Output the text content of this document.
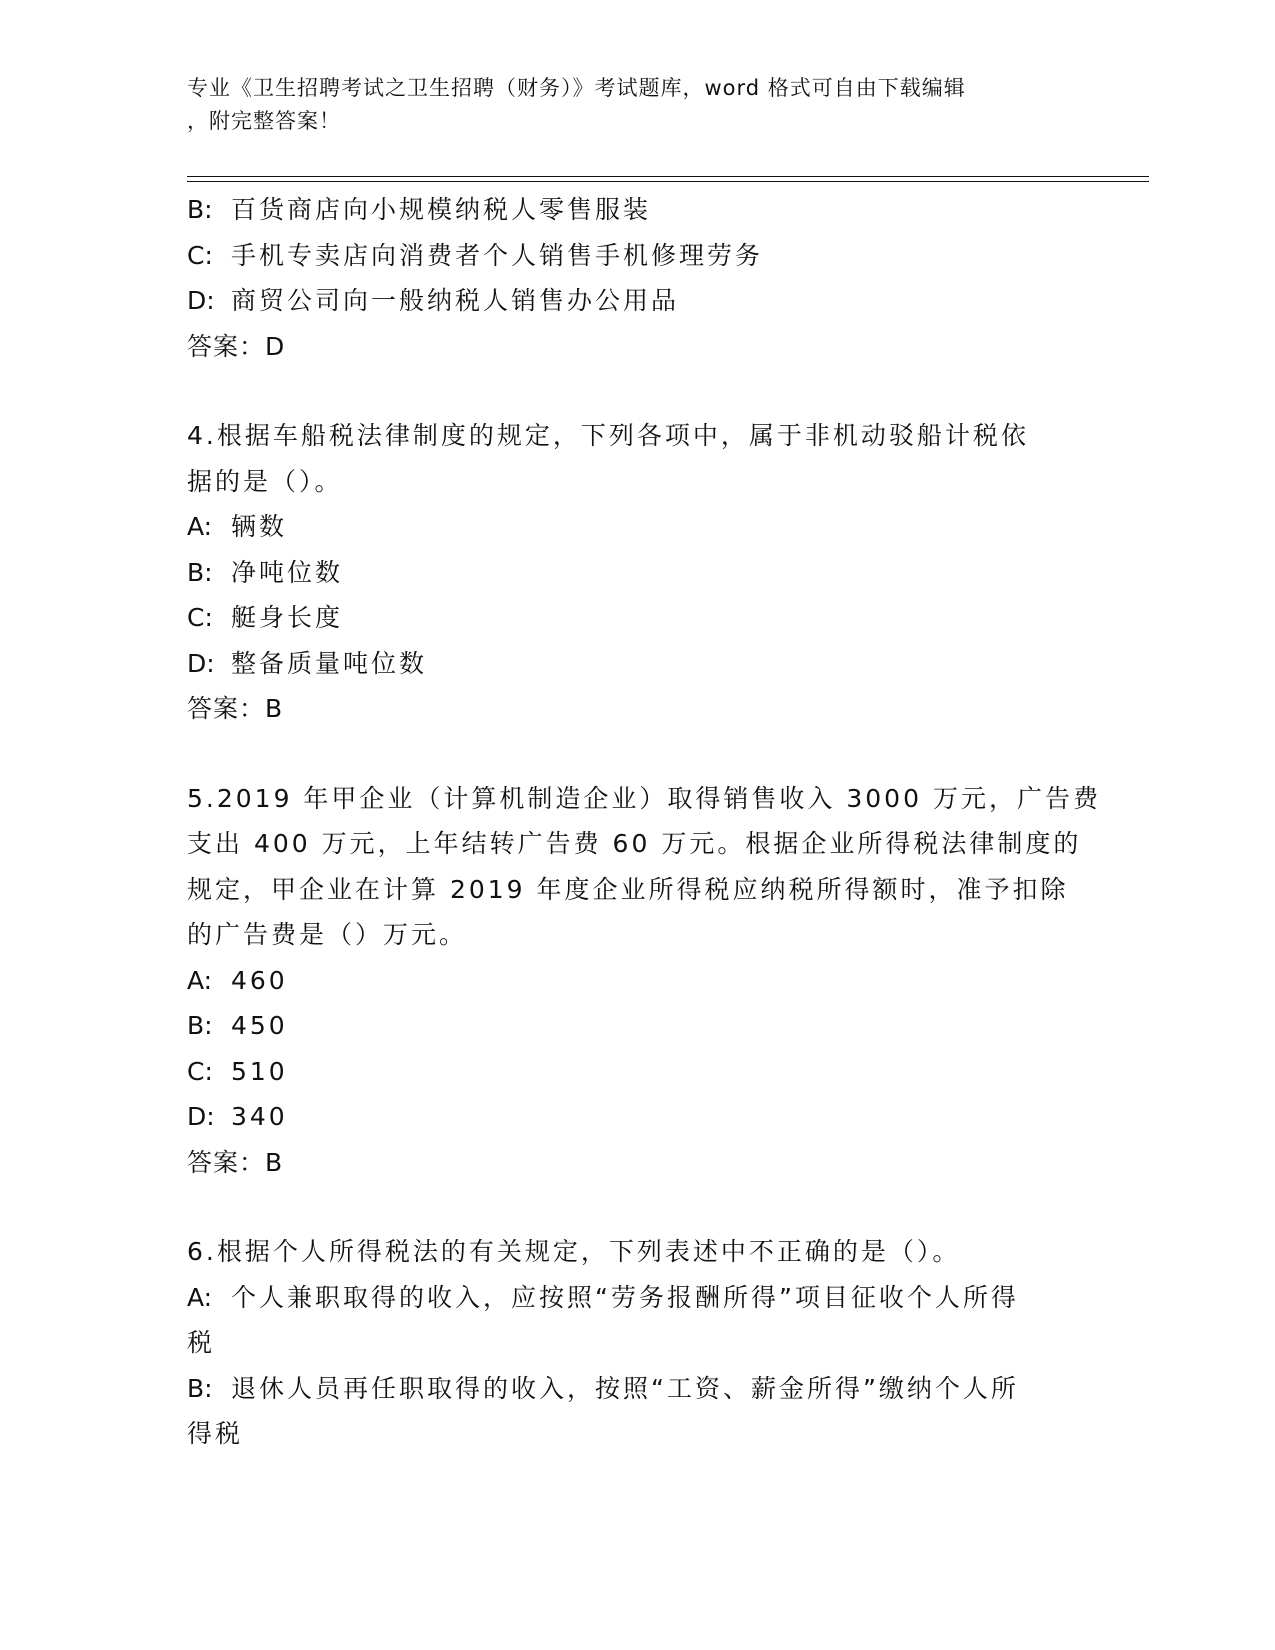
专业《卫生招聘考试之卫生招聘（财务）》考试题库，word 格式可自由下载编辑
，附完整答案！
B: 百货商店向小规模纳税人零售服装
C: 手机专卖店向消费者个人销售手机修理劳务
D: 商贸公司向一般纳税人销售办公用品
答案：D
4.根据车船税法律制度的规定，下列各项中，属于非机动驳船计税依
据的是（）。
A: 辆数
B: 净吨位数
C: 艇身长度
D: 整备质量吨位数
答案：B
5.2019 年甲企业（计算机制造企业）取得销售收入 3000 万元，广告费
支出 400 万元，上年结转广告费 60 万元。根据企业所得税法律制度的
规定，甲企业在计算 2019 年度企业所得税应纳税所得额时，准予扣除
的广告费是（）万元。
A: 460
B: 450
C: 510
D: 340
答案：B
6.根据个人所得税法的有关规定，下列表述中不正确的是（）。
A: 个人兼职取得的收入，应按照“劳务报酬所得”项目征收个人所得
税
B: 退休人员再任职取得的收入，按照“工资、薪金所得”缴纳个人所
得税
